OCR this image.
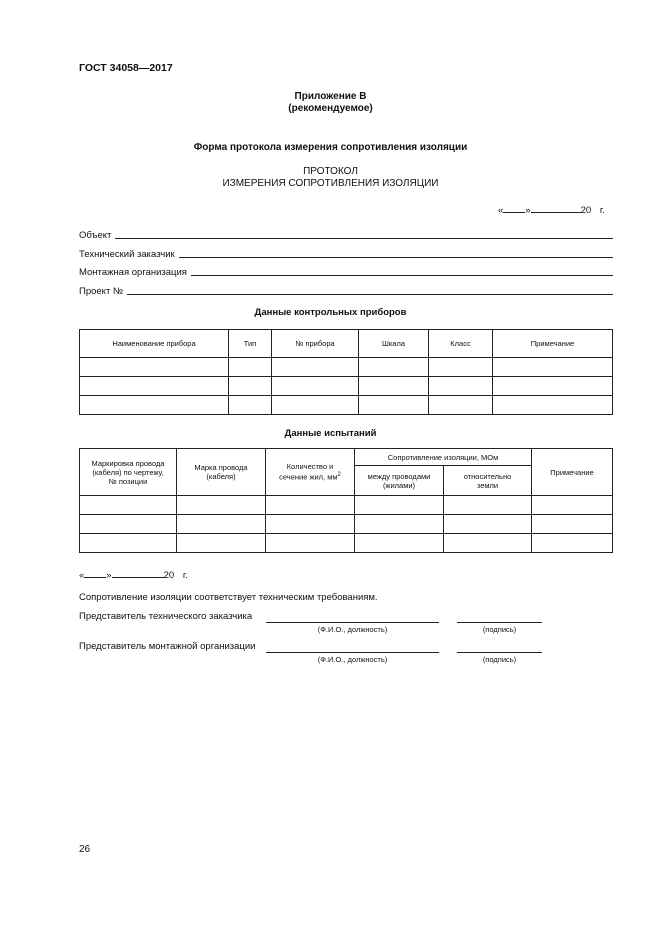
ГОСТ 34058—2017
Приложение В
(рекомендуемое)
Форма протокола измерения сопротивления изоляции
ПРОТОКОЛ
ИЗМЕРЕНИЯ СОПРОТИВЛЕНИЯ ИЗОЛЯЦИИ
« »	20 г.
Объект
Технический заказчик
Монтажная организация
Проект №
Данные контрольных приборов
Наименование прибора	Тип	№ прибора	Шкала	Класс	Примечание

Данные испытаний
Маркировка провода (кабеля) по чертежу, № позиции	Марка провода (кабеля)	Количество и сечение жил, $мм^2$	Сопротивление изоляции, МОм		Примечание
			между проводами (жилами)	относительно земли	

« »	20 г.
Сопротивление изоляции соответствует техническим требованиям.
Представитель технического заказчика
(Ф.И.О., должность)	(подпись)
Представитель монтажной организации
(Ф.И.О., должность)	(подпись)
26
